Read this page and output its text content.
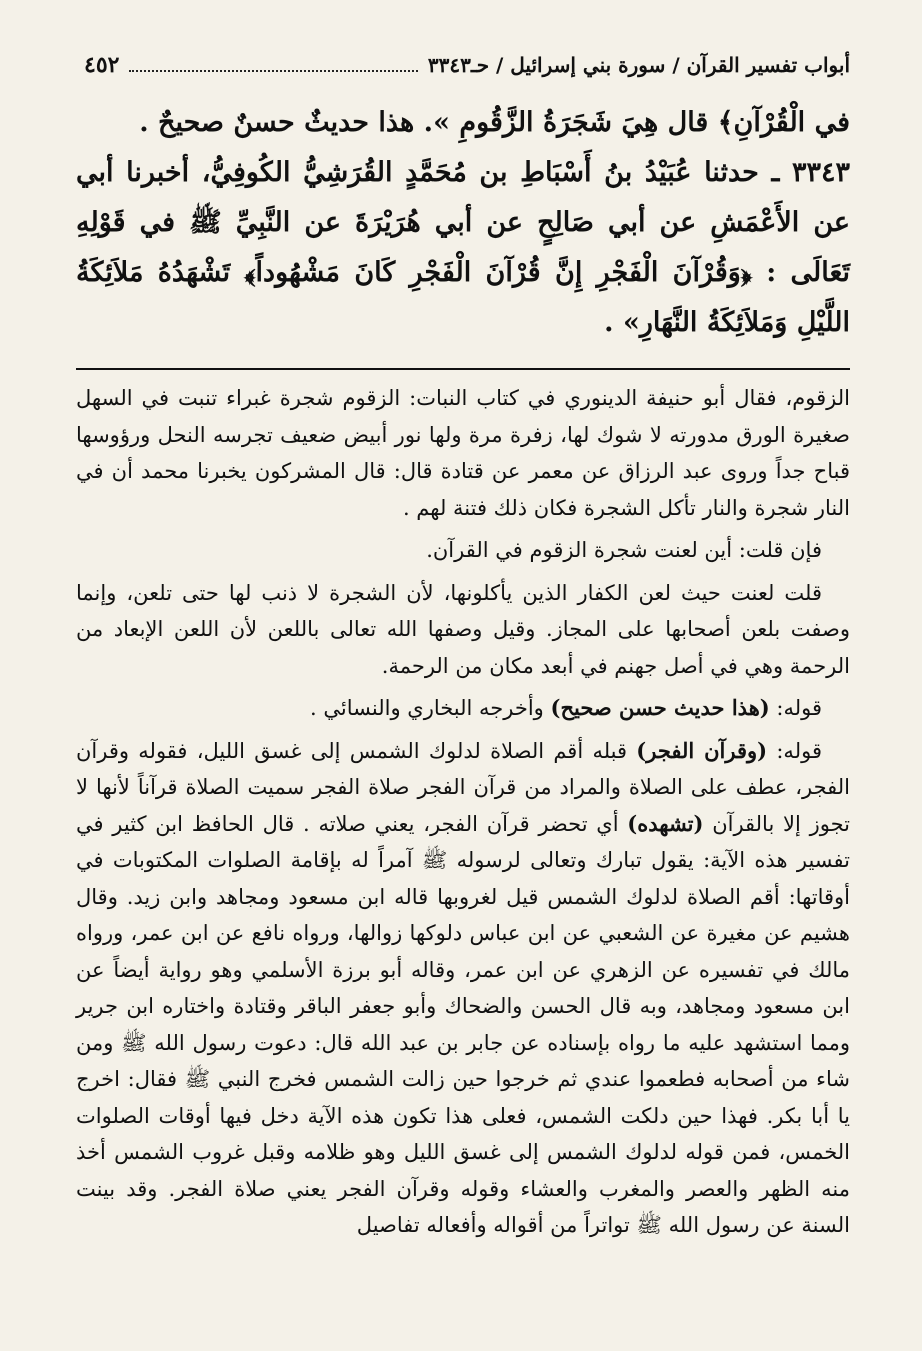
أبواب تفسير القرآن / سورة بني إسرائيل / حـ٣٣٤٣
٤٥٢

في الْقُرْآنِ﴾ قال هِيَ شَجَرَةُ الزَّقُومِ ». هذا حديثٌ حسنٌ صحيحٌ .

٣٣٤٣ ـ حدثنا عُبَيْدُ بنُ أَسْبَاطِ بن مُحَمَّدٍ القُرَشِيُّ الكُوفِيُّ، أخبرنا أبي عن الأَعْمَشِ عن أبي صَالِحٍ عن أبي هُرَيْرَةَ عن النَّبِيِّ ﷺ في قَوْلِهِ تَعَالَى : ﴿وَقُرْآنَ الْفَجْرِ إِنَّ قُرْآنَ الْفَجْرِ كَانَ مَشْهُوداً﴾ تَشْهَدُهُ مَلاَئِكَةُ اللَّيْلِ وَمَلاَئِكَةُ النَّهَارِ» .

الزقوم، فقال أبو حنيفة الدينوري في كتاب النبات: الزقوم شجرة غبراء تنبت في السهل صغيرة الورق مدورته لا شوك لها، زفرة مرة ولها نور أبيض ضعيف تجرسه النحل ورؤوسها قباح جداً وروى عبد الرزاق عن معمر عن قتادة قال: قال المشركون يخبرنا محمد أن في النار شجرة والنار تأكل الشجرة فكان ذلك فتنة لهم .

فإن قلت: أين لعنت شجرة الزقوم في القرآن.

قلت لعنت حيث لعن الكفار الذين يأكلونها، لأن الشجرة لا ذنب لها حتى تلعن، وإنما وصفت بلعن أصحابها على المجاز. وقيل وصفها الله تعالى باللعن لأن اللعن الإبعاد من الرحمة وهي في أصل جهنم في أبعد مكان من الرحمة.

قوله: (هذا حديث حسن صحيح) وأخرجه البخاري والنسائي .

قوله: (وقرآن الفجر) قبله أقم الصلاة لدلوك الشمس إلى غسق الليل، فقوله وقرآن الفجر، عطف على الصلاة والمراد من قرآن الفجر صلاة الفجر سميت الصلاة قرآناً لأنها لا تجوز إلا بالقرآن (تشهده) أي تحضر قرآن الفجر، يعني صلاته . قال الحافظ ابن كثير في تفسير هذه الآية: يقول تبارك وتعالى لرسوله ﷺ آمراً له بإقامة الصلوات المكتوبات في أوقاتها: أقم الصلاة لدلوك الشمس قيل لغروبها قاله ابن مسعود ومجاهد وابن زيد. وقال هشيم عن مغيرة عن الشعبي عن ابن عباس دلوكها زوالها، ورواه نافع عن ابن عمر، ورواه مالك في تفسيره عن الزهري عن ابن عمر، وقاله أبو برزة الأسلمي وهو رواية أيضاً عن ابن مسعود ومجاهد، وبه قال الحسن والضحاك وأبو جعفر الباقر وقتادة واختاره ابن جرير ومما استشهد عليه ما رواه بإسناده عن جابر بن عبد الله قال: دعوت رسول الله ﷺ ومن شاء من أصحابه فطعموا عندي ثم خرجوا حين زالت الشمس فخرج النبي ﷺ فقال: اخرج يا أبا بكر. فهذا حين دلكت الشمس، فعلى هذا تكون هذه الآية دخل فيها أوقات الصلوات الخمس، فمن قوله لدلوك الشمس إلى غسق الليل وهو ظلامه وقبل غروب الشمس أخذ منه الظهر والعصر والمغرب والعشاء وقوله وقرآن الفجر يعني صلاة الفجر. وقد بينت السنة عن رسول الله ﷺ تواتراً من أقواله وأفعاله تفاصيل
